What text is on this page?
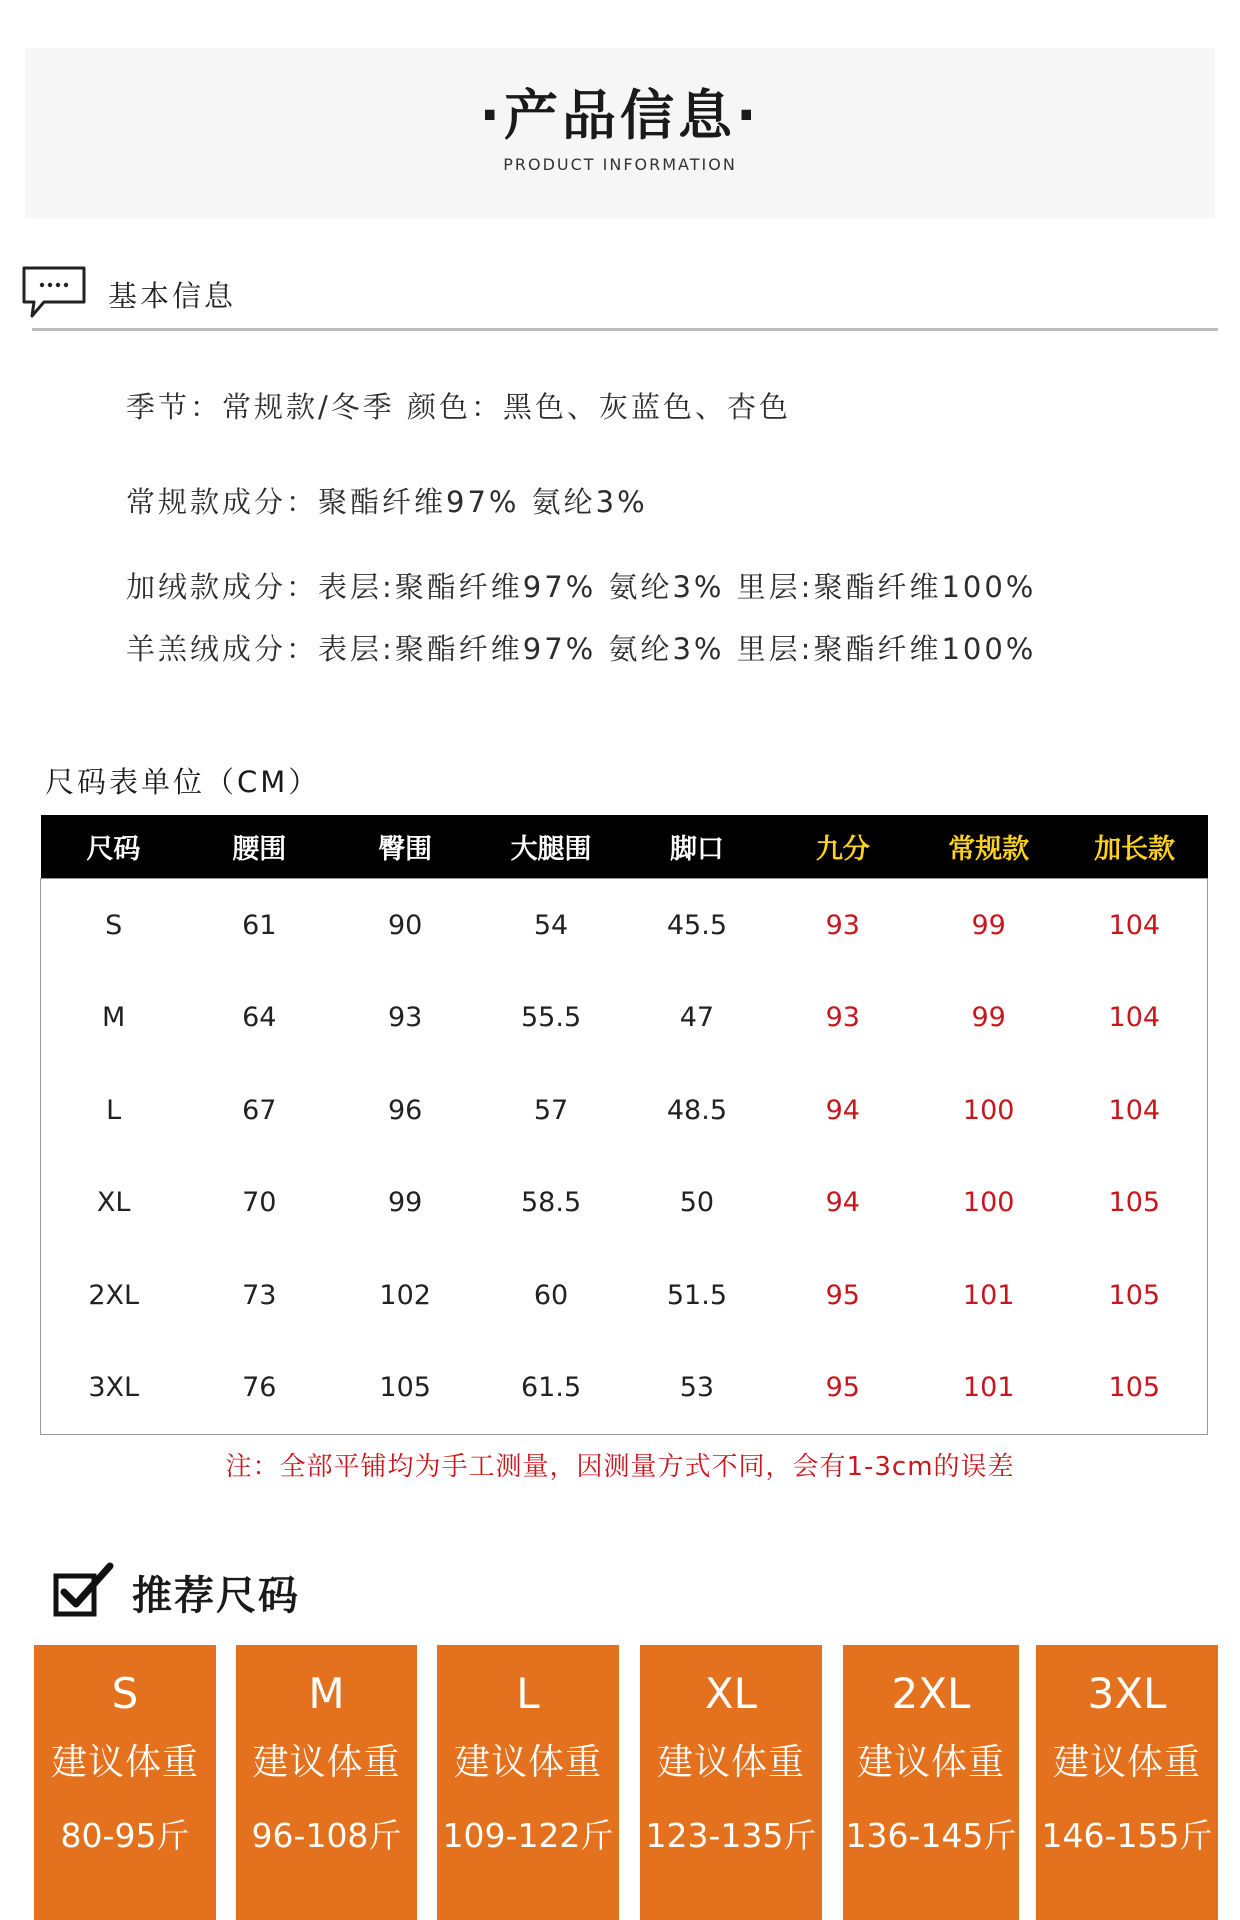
·产品信息·
PRODUCT INFORMATION
基本信息
季节：常规款/冬季 颜色：黑色、灰蓝色、杏色
常规款成分：聚酯纤维97% 氨纶3%
加绒款成分：表层:聚酯纤维97% 氨纶3% 里层:聚酯纤维100%
羊羔绒成分：表层:聚酯纤维97% 氨纶3% 里层:聚酯纤维100%
尺码表单位（CM）
尺码	腰围	臀围	大腿围	脚口	九分	常规款	加长款
S	61	90	54	45.5	93	99	104
M	64	93	55.5	47	93	99	104
L	67	96	57	48.5	94	100	104
XL	70	99	58.5	50	94	100	105
2XL	73	102	60	51.5	95	101	105
3XL	76	105	61.5	53	95	101	105
注：全部平铺均为手工测量，因测量方式不同，会有1-3cm的误差
推荐尺码
S
建议体重
80-95斤
M
建议体重
96-108斤
L
建议体重
109-122斤
XL
建议体重
123-135斤
2XL
建议体重
136-145斤
3XL
建议体重
146-155斤
